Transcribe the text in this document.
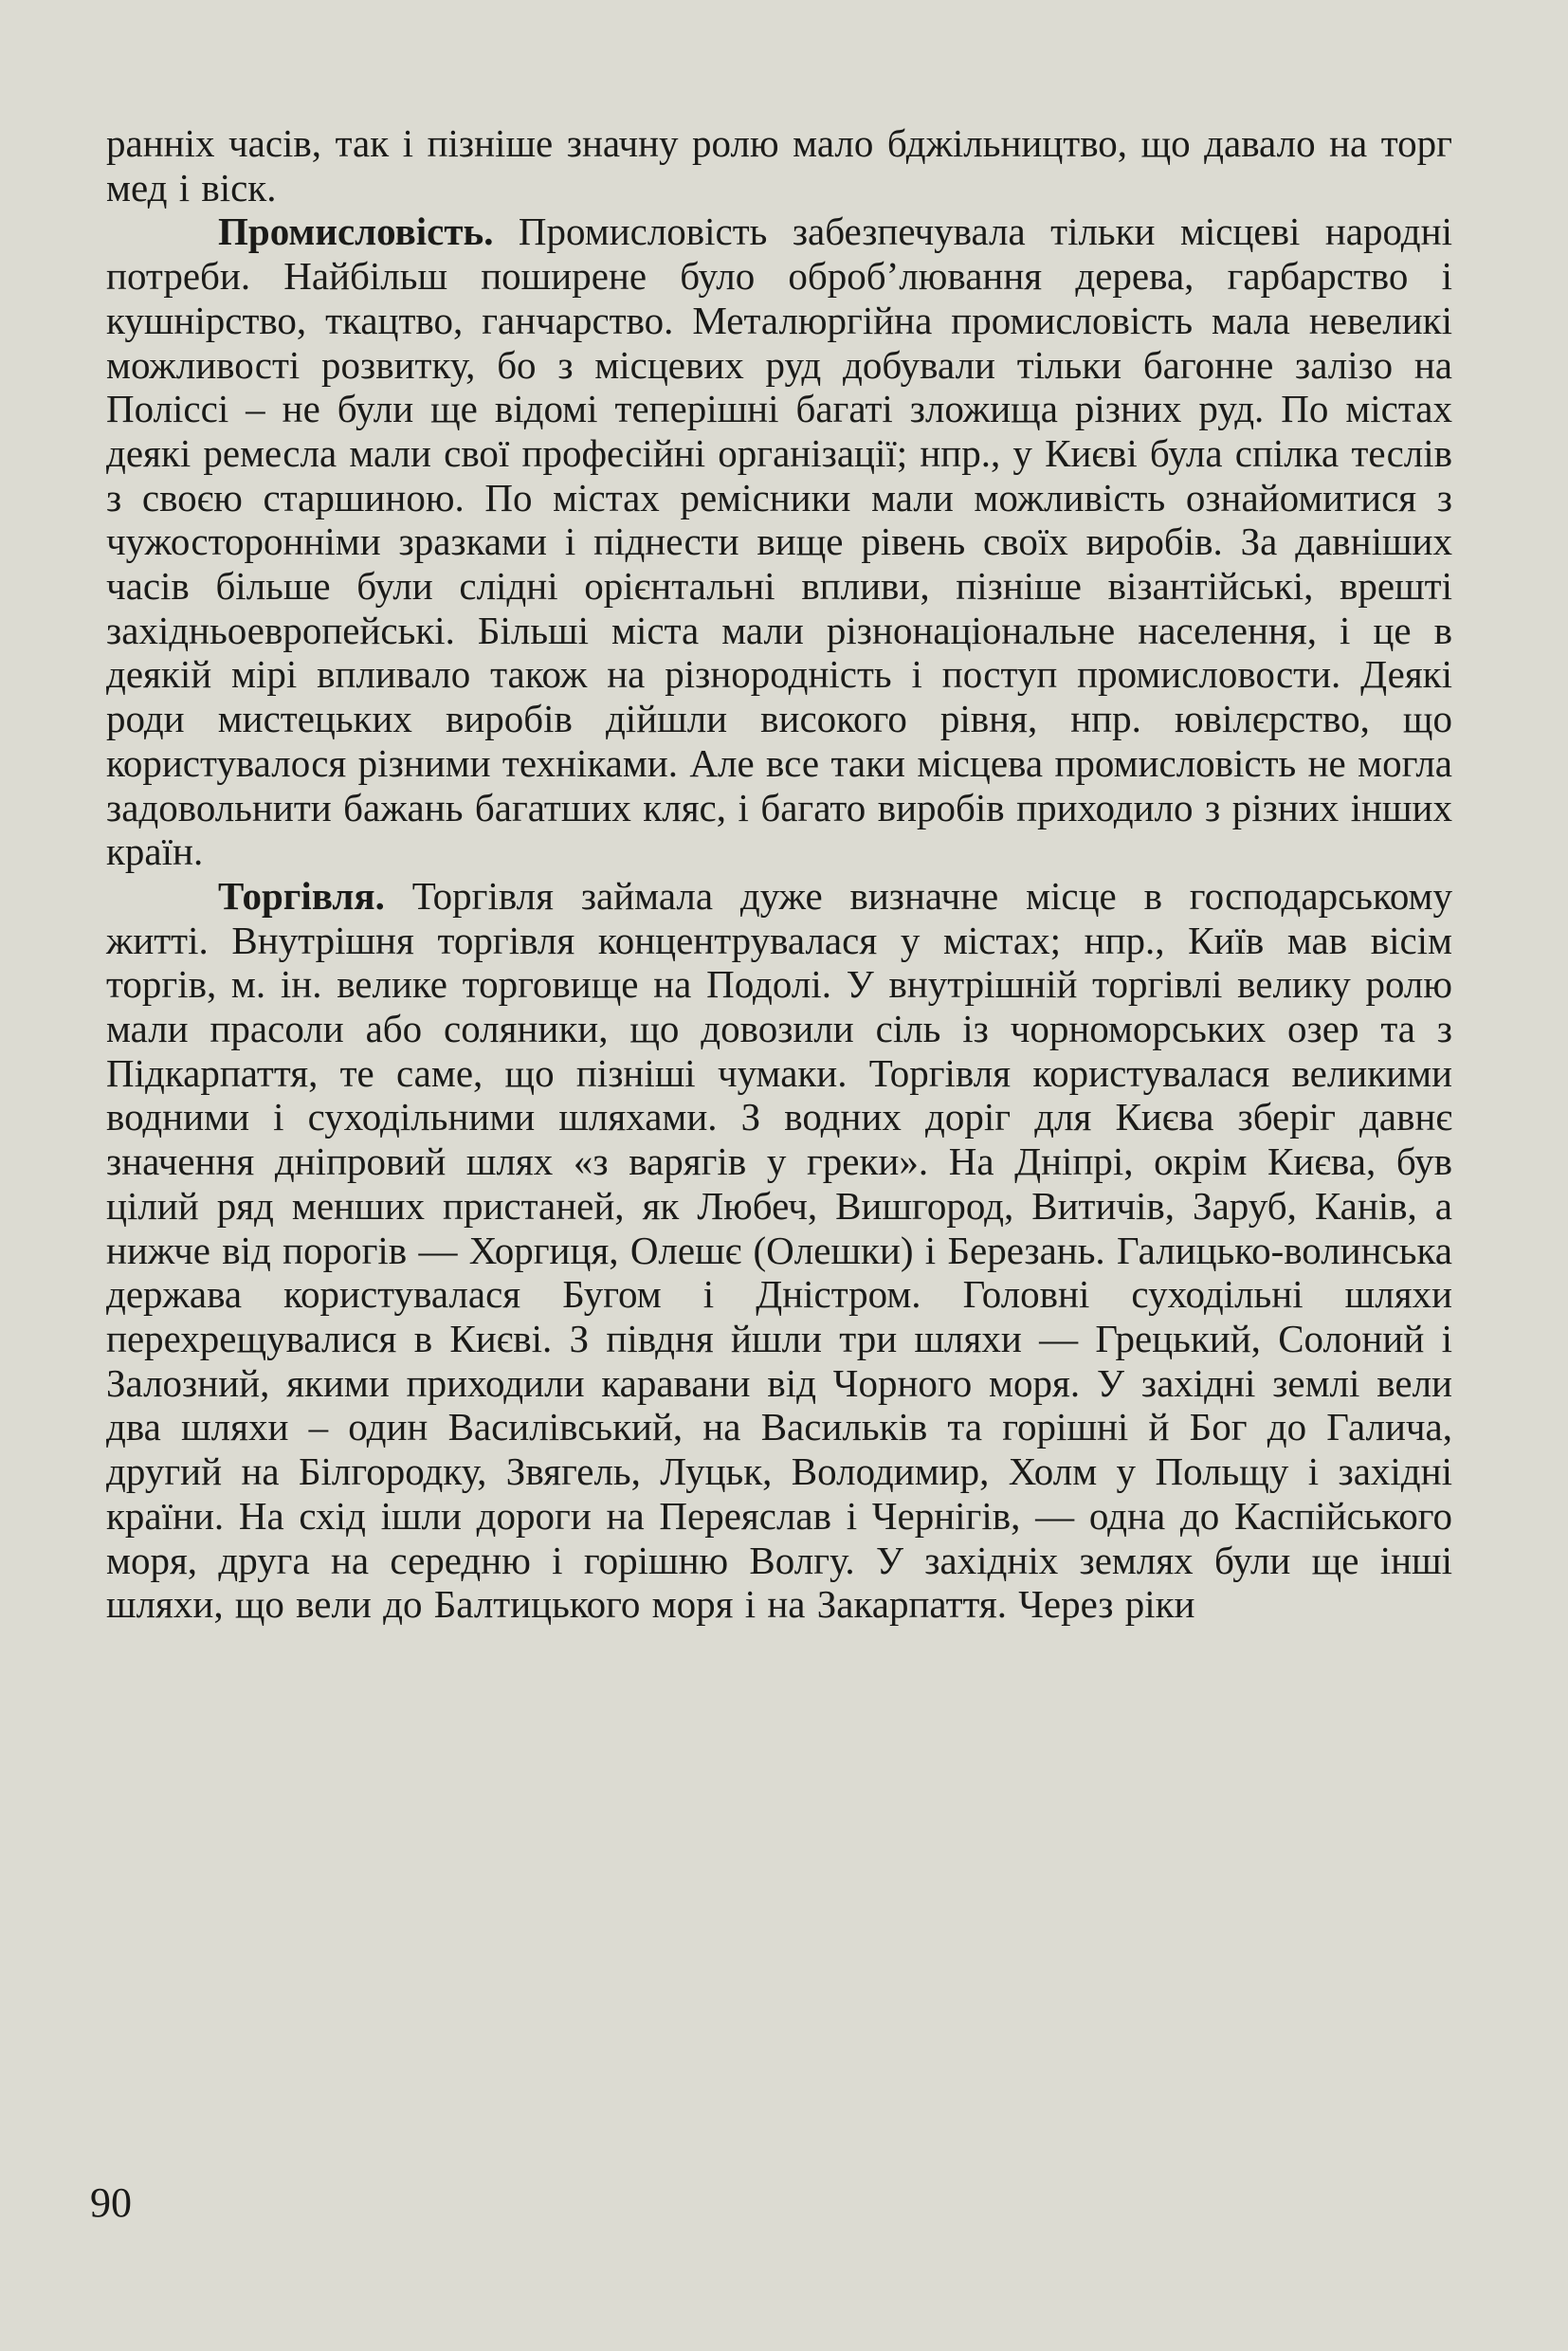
ранніх часів, так і пізніше значну ролю мало бджільництво, що давало на торг мед і віск.

Промисловість. Промисловість забезпечувала тільки місцеві народні потреби. Найбільш поширене було обробʼлювання дерева, гарбарство і кушнірство, ткацтво, ганчарство. Металюргійна промисловість мала невеликі можливості розвитку, бо з місцевих руд добували тільки багонне залізо на Поліссі – не були ще відомі теперішні багаті зложища різних руд. По містах деякі ремесла мали свої професійні організації; нпр., у Києві була спілка теслів з своєю старшиною. По містах ремісники мали можливість ознайомитися з чужосторонніми зразками і піднести вище рівень своїх виробів. За давніших часів більше були слідні орієнтальні впливи, пізніше візантійські, врешті західньоевропейські. Більші міста мали різнонаціональне населення, і це в деякій мірі впливало також на різнородність і поступ промисловости. Деякі роди мистецьких виробів дійшли високого рівня, нпр. ювілєрство, що користувалося різними техніками. Але все таки місцева промисловість не могла задовольнити бажань багатших кляс, і багато виробів приходило з різних інших країн.

Торгівля. Торгівля займала дуже визначне місце в господарському житті. Внутрішня торгівля концентрувалася у містах; нпр., Київ мав вісім торгів, м. ін. велике торговище на Подолі. У внутрішній торгівлі велику ролю мали прасоли або соляники, що довозили сіль із чорноморських озер та з Підкарпаття, те саме, що пізніші чумаки. Торгівля користувалася великими водними і суходільними шляхами. З водних доріг для Києва зберіг давнє значення дніпровий шлях «з варягів у греки». На Дніпрі, окрім Києва, був цілий ряд менших пристаней, як Любеч, Вишгород, Витичів, Заруб, Канів, а нижче від порогів — Хоргиця, Олешє (Олешки) і Березань. Галицько-волинська держава користувалася Бугом і Дністром. Головні суходільні шляхи перехрещувалися в Києві. З півдня йшли три шляхи — Грецький, Солоний і Залозний, якими приходили каравани від Чорного моря. У західні землі вели два шляхи – один Василівський, на Васильків та горішні й Бог до Галича, другий на Білгородку, Звягель, Луцьк, Володимир, Холм у Польщу і західні країни. На схід ішли дороги на Переяслав і Чернігів, — одна до Каспійського моря, друга на середню і горішню Волгу. У західніх землях були ще інші шляхи, що вели до Балтицького моря і на Закарпаття. Через ріки

90
